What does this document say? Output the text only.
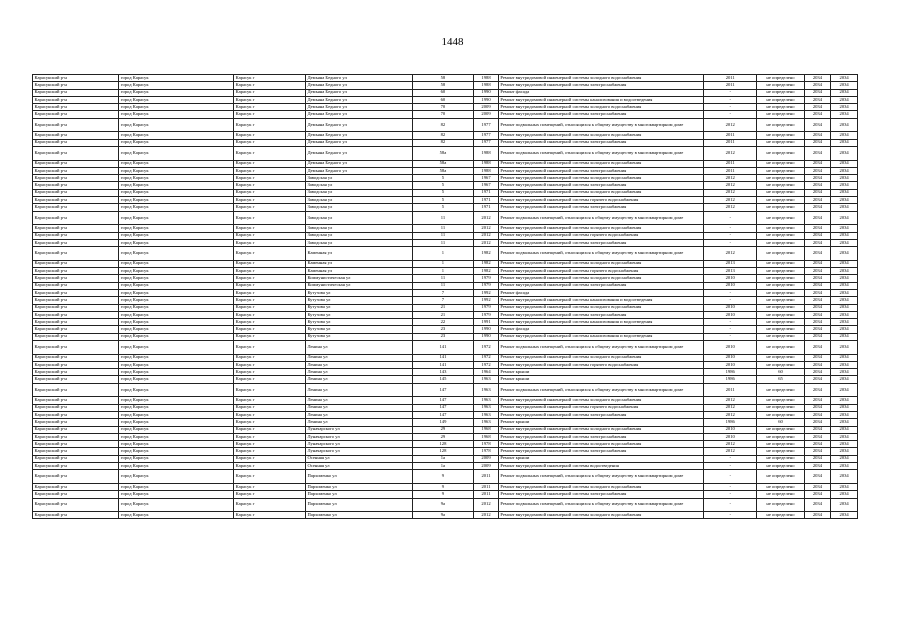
1448
Карасукский р-н	город Карасук	Карасук г	Демьяна Бедного ул	58	1988	Ремонт внутридомовой инженерной системы холодного водоснабжения	2011	не определено	2034	2034
Карасукский р-н	город Карасук	Карасук г	Демьяна Бедного ул	58	1988	Ремонт внутридомовой инженерной системы электроснабжения	2011	не определено	2034	2034
Карасукский р-н	город Карасук	Карасук г	Демьяна Бедного ул	60	1990	Ремонт фасада	-	не определено	2034	2034
Карасукский р-н	город Карасук	Карасук г	Демьяна Бедного ул	60	1990	Ремонт внутридомовой инженерной системы канализования и водоотведения	-	не определено	2034	2034
Карасукский р-н	город Карасук	Карасук г	Демьяна Бедного ул	70	2009	Ремонт внутридомовой инженерной системы холодного водоснабжения	-	не определено	2034	2034
Карасукский р-н	город Карасук	Карасук г	Демьяна Бедного ул	70	2009	Ремонт внутридомовой инженерной системы электроснабжения	-	не определено	2034	2034
Карасукский р-н	город Карасук	Карасук г	Демьяна Бедного ул	82	1977	Ремонт подвальных помещений, относящихся к общему имуществу в многоквартирном доме	2012	не определено	2034	2034
Карасукский р-н	город Карасук	Карасук г	Демьяна Бедного ул	82	1977	Ремонт внутридомовой инженерной системы холодного водоснабжения	2011	не определено	2034	2034
Карасукский р-н	город Карасук	Карасук г	Демьяна Бедного ул	82	1977	Ремонт внутридомовой инженерной системы электроснабжения	2011	не определено	2034	2034
Карасукский р-н	город Карасук	Карасук г	Демьяна Бедного ул	58а	1988	Ремонт подвальных помещений, относящихся к общему имуществу в многоквартирном доме	2012	не определено	2034	2034
Карасукский р-н	город Карасук	Карасук г	Демьяна Бедного ул	58а	1988	Ремонт внутридомовой инженерной системы холодного водоснабжения	2011	не определено	2034	2034
Карасукский р-н	город Карасук	Карасук г	Демьяна Бедного ул	58а	1988	Ремонт внутридомовой инженерной системы электроснабжения	2011	не определено	2034	2034
Карасукский р-н	город Карасук	Карасук г	Заводская ул	5	1967	Ремонт внутридомовой инженерной системы холодного водоснабжения	2012	не определено	2034	2034
Карасукский р-н	город Карасук	Карасук г	Заводская ул	5	1967	Ремонт внутридомовой инженерной системы электроснабжения	2012	не определено	2034	2034
Карасукский р-н	город Карасук	Карасук г	Заводская ул	5	1971	Ремонт внутридомовой инженерной системы холодного водоснабжения	2012	не определено	2034	2034
Карасукский р-н	город Карасук	Карасук г	Заводская ул	5	1971	Ремонт внутридомовой инженерной системы горячего водоснабжения	2012	не определено	2034	2034
Карасукский р-н	город Карасук	Карасук г	Заводская ул	5	1971	Ремонт внутридомовой инженерной системы электроснабжения	2012	не определено	2034	2034
Карасукский р-н	город Карасук	Карасук г	Заводская ул	11	2012	Ремонт подвальных помещений, относящихся к общему имуществу в многоквартирном доме	-	не определено	2034	2034
Карасукский р-н	город Карасук	Карасук г	Заводская ул	11	2012	Ремонт внутридомовой инженерной системы холодного водоснабжения	-	не определено	2034	2034
Карасукский р-н	город Карасук	Карасук г	Заводская ул	11	2012	Ремонт внутридомовой инженерной системы горячего водоснабжения	-	не определено	2034	2034
Карасукский р-н	город Карасук	Карасук г	Заводская ул	11	2012	Ремонт внутридомовой инженерной системы электроснабжения	-	не определено	2034	2034
Карасукский р-н	город Карасук	Карасук г	Каменная ул	1	1982	Ремонт подвальных помещений, относящихся к общему имуществу в многоквартирном доме	2012	не определено	2034	2034
Карасукский р-н	город Карасук	Карасук г	Каменная ул	1	1982	Ремонт внутридомовой инженерной системы холодного водоснабжения	2013	не определено	2034	2034
Карасукский р-н	город Карасук	Карасук г	Каменная ул	1	1982	Ремонт внутридомовой инженерной системы горячего водоснабжения	2013	не определено	2034	2034
Карасукский р-н	город Карасук	Карасук г	Коммунистическая ул	11	1979	Ремонт внутридомовой инженерной системы холодного водоснабжения	2010	не определено	2034	2034
Карасукский р-н	город Карасук	Карасук г	Коммунистическая ул	11	1979	Ремонт внутридомовой инженерной системы электроснабжения	2010	не определено	2034	2034
Карасукский р-н	город Карасук	Карасук г	Кутузова ул	7	1992	Ремонт фасада	-	не определено	2034	2034
Карасукский р-н	город Карасук	Карасук г	Кутузова ул	7	1992	Ремонт внутридомовой инженерной системы канализования и водоотведения	-	не определено	2034	2034
Карасукский р-н	город Карасук	Карасук г	Кутузова ул	21	1979	Ремонт внутридомовой инженерной системы холодного водоснабжения	2010	не определено	2034	2034
Карасукский р-н	город Карасук	Карасук г	Кутузова ул	21	1979	Ремонт внутридомовой инженерной системы электроснабжения	2010	не определено	2034	2034
Карасукский р-н	город Карасук	Карасук г	Кутузова ул	22	1991	Ремонт внутридомовой инженерной системы канализования и водоотведения	-	не определено	2034	2034
Карасукский р-н	город Карасук	Карасук г	Кутузова ул	23	1990	Ремонт фасада	-	не определено	2034	2034
Карасукский р-н	город Карасук	Карасук г	Кутузова ул	23	1990	Ремонт внутридомовой инженерной системы канализования и водоотведения	-	не определено	2034	2034
Карасукский р-н	город Карасук	Карасук г	Ленина ул	141	1972	Ремонт подвальных помещений, относящихся к общему имуществу в многоквартирном доме	2010	не определено	2034	2034
Карасукский р-н	город Карасук	Карасук г	Ленина ул	141	1972	Ремонт внутридомовой инженерной системы холодного водоснабжения	2010	не определено	2034	2034
Карасукский р-н	город Карасук	Карасук г	Ленина ул	141	1972	Ремонт внутридомовой инженерной системы горячего водоснабжения	2010	не определено	2034	2034
Карасукский р-н	город Карасук	Карасук г	Ленина ул	143	1964	Ремонт крыши	1986	60	2034	2034
Карасукский р-н	город Карасук	Карасук г	Ленина ул	145	1963	Ремонт крыши	1986	65	2034	2034
Карасукский р-н	город Карасук	Карасук г	Ленина ул	147	1963	Ремонт подвальных помещений, относящихся к общему имуществу в многоквартирном доме	2011	не определено	2034	2034
Карасукский р-н	город Карасук	Карасук г	Ленина ул	147	1963	Ремонт внутридомовой инженерной системы холодного водоснабжения	2012	не определено	2034	2034
Карасукский р-н	город Карасук	Карасук г	Ленина ул	147	1963	Ремонт внутридомовой инженерной системы горячего водоснабжения	2012	не определено	2034	2034
Карасукский р-н	город Карасук	Карасук г	Ленина ул	147	1963	Ремонт внутридомовой инженерной системы электроснабжения	2012	не определено	2034	2034
Карасукский р-н	город Карасук	Карасук г	Ленина ул	149	1963	Ремонт крыши	1986	60	2034	2034
Карасукский р-н	город Карасук	Карасук г	Луначарского ул	29	1968	Ремонт внутридомовой инженерной системы холодного водоснабжения	2010	не определено	2034	2034
Карасукский р-н	город Карасук	Карасук г	Луначарского ул	29	1968	Ремонт внутридомовой инженерной системы электроснабжения	2010	не определено	2034	2034
Карасукский р-н	город Карасук	Карасук г	Луначарского ул	128	1978	Ремонт внутридомовой инженерной системы холодного водоснабжения	2012	не определено	2034	2034
Карасукский р-н	город Карасук	Карасук г	Луначарского ул	128	1978	Ремонт внутридомовой инженерной системы электроснабжения	2012	не определено	2034	2034
Карасукский р-н	город Карасук	Карасук г	Осенняя ул	1а	2009	Ремонт крыши	-	не определено	2034	2034
Карасукский р-н	город Карасук	Карасук г	Осенняя ул	1а	2009	Ремонт внутридомовой инженерной системы водоотведения	-	не определено	2034	2034
Карасукский р-н	город Карасук	Карасук г	Пархоменко ул	9	2011	Ремонт подвальных помещений, относящихся к общему имуществу в многоквартирном доме	-	не определено	2034	2034
Карасукский р-н	город Карасук	Карасук г	Пархоменко ул	9	2011	Ремонт внутридомовой инженерной системы холодного водоснабжения	-	не определено	2034	2034
Карасукский р-н	город Карасук	Карасук г	Пархоменко ул	9	2011	Ремонт внутридомовой инженерной системы электроснабжения	-	не определено	2034	2034
Карасукский р-н	город Карасук	Карасук г	Пархоменко ул	9а	2012	Ремонт подвальных помещений, относящихся к общему имуществу в многоквартирном доме	-	не определено	2034	2034
Карасукский р-н	город Карасук	Карасук г	Пархоменко ул	9а	2012	Ремонт внутридомовой инженерной системы холодного водоснабжения	-	не определено	2034	2034
